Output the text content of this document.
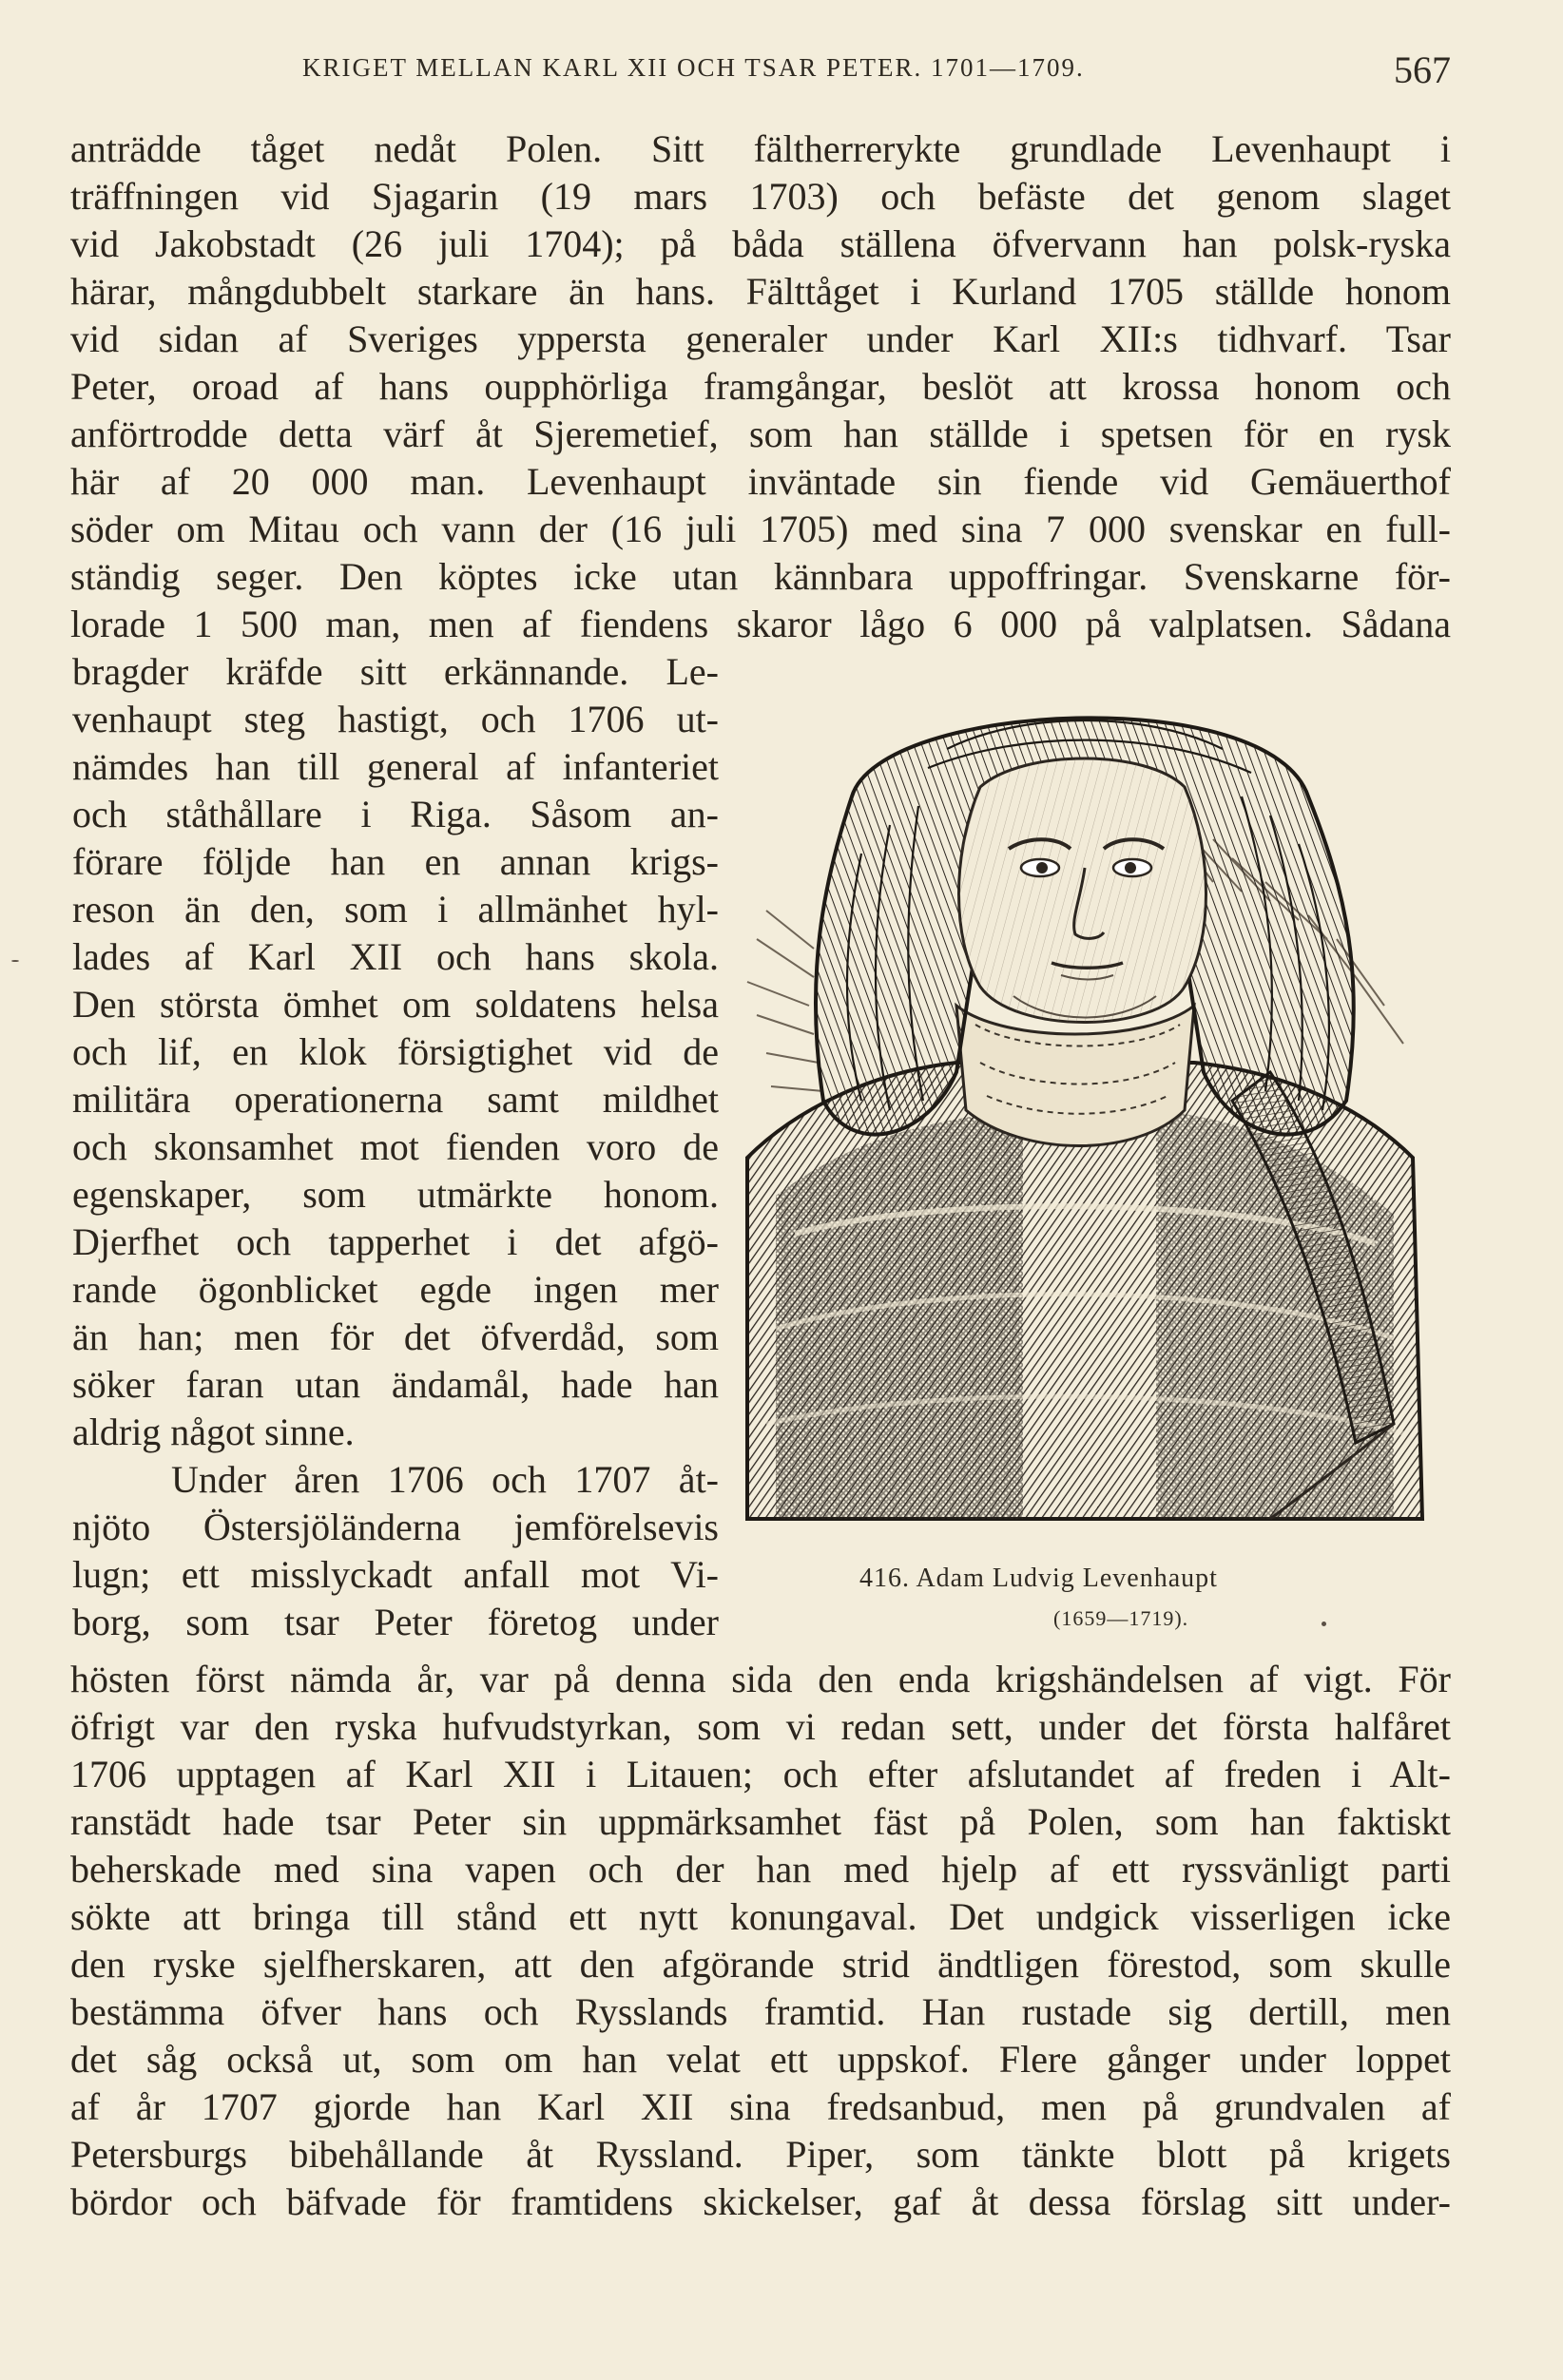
KRIGET MELLAN KARL XII OCH TSAR PETER. 1701—1709.	567
anträdde tåget nedåt Polen. Sitt fältherrerykte grundlade Levenhaupt i
träffningen vid Sjagarin (19 mars 1703) och befäste det genom slaget
vid Jakobstadt (26 juli 1704); på båda ställena öfvervann han polsk-ryska
härar, mångdubbelt starkare än hans. Fälttåget i Kurland 1705 ställde honom
vid sidan af Sveriges yppersta generaler under Karl XII:s tidhvarf. Tsar
Peter, oroad af hans oupphörliga framgångar, beslöt att krossa honom och
anförtrodde detta värf åt Sjeremetief, som han ställde i spetsen för en rysk
här af 20 000 man. Levenhaupt inväntade sin fiende vid Gemäuerthof
söder om Mitau och vann der (16 juli 1705) med sina 7 000 svenskar en full-
ständig seger. Den köptes icke utan kännbara uppoffringar. Svenskarne för-
lorade 1 500 man, men af fiendens skaror lågo 6 000 på valplatsen. Sådana
bragder kräfde sitt erkännande. Le-
venhaupt steg hastigt, och 1706 ut-
nämdes han till general af infanteriet
och ståthållare i Riga. Såsom an-
förare följde han en annan krigs-
reson än den, som i allmänhet hyl-
lades af Karl XII och hans skola.
Den största ömhet om soldatens helsa
och lif, en klok försigtighet vid de
militära operationerna samt mildhet
och skonsamhet mot fienden voro de
egenskaper, som utmärkte honom.
Djerfhet och tapperhet i det afgö-
rande ögonblicket egde ingen mer
än han; men för det öfverdåd, som
söker faran utan ändamål, hade han
aldrig något sinne.
Under åren 1706 och 1707 åt-
njöto Östersjöländerna jemförelsevis
lugn; ett misslyckadt anfall mot Vi-
borg, som tsar Peter företog under
416. Adam Ludvig Levenhaupt
(1659—1719).
hösten först nämda år, var på denna sida den enda krigshändelsen af vigt. För
öfrigt var den ryska hufvudstyrkan, som vi redan sett, under det första halfåret
1706 upptagen af Karl XII i Litauen; och efter afslutandet af freden i Alt-
ranstädt hade tsar Peter sin uppmärksamhet fäst på Polen, som han faktiskt
beherskade med sina vapen och der han med hjelp af ett ryssvänligt parti
sökte att bringa till stånd ett nytt konungaval. Det undgick visserligen icke
den ryske sjelfherskaren, att den afgörande strid ändtligen förestod, som skulle
bestämma öfver hans och Rysslands framtid. Han rustade sig dertill, men
det såg också ut, som om han velat ett uppskof. Flere gånger under loppet
af år 1707 gjorde han Karl XII sina fredsanbud, men på grundvalen af
Petersburgs bibehållande åt Ryssland. Piper, som tänkte blott på krigets
bördor och bäfvade för framtidens skickelser, gaf åt dessa förslag sitt under-
